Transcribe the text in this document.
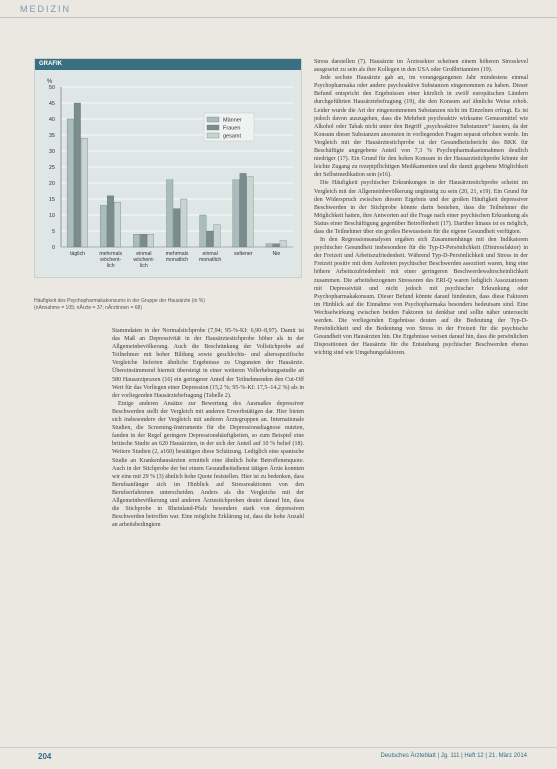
MEDIZIN
GRAFIK
%
0
5
10
15
20
25
30
35
40
45
50
täglich	mehrmals
wöchent-
lich
einmal
wöchent-
lich
mehrmals
monatlich
einmal
monatlich
seltener	Nie
Männer
Frauen
gesamt
Häufigkeit des Psychopharmakakonsums in der Gruppe der Hausärzte (in %)
(nAnnahme = 105; nÄrzte = 37; nÄrztinnen = 68)

Stammdaten in der Normalstichprobe (7,94; 95-%-KI: 6,90–8,97). Damit ist das Maß an Depressivität in der Hausärztestichprobe höher als in der Allgemeinbevölkerung. Auch die Beschränkung der Vollstichprobe auf Teilnehmer mit hoher Bildung sowie geschlechts- und altersspezifische Vergleiche lieferten ähnliche Ergebnisse zu Ungunsten der Hausärzte. Übereinstimmend hiermit übersteigt in einer weiteren Vollerhebungsstudie an 580 Hausarztpraxen (16) ein geringerer Anteil der Teilnehmenden den Cut-Off Wert für das Vorliegen einer Depression (15,2 %; 95-%-KI: 17,5–14,2 %) als in der vorliegenden Hausärztebefragung (Tabelle 2).

Einige anderen Ansätze zur Bewertung des Ausmaßes depressiver Beschwerden stellt der Vergleich mit anderen Erwerbstätigen dar. Hier bieten sich insbesondere der Vergleich mit anderen Ärztegruppen an. Internationale Studien, die Screening-Instrumente für die Depressionsdiagnose nutzten, fanden in der Regel geringere Depressionshäufigkeiten, so zum Beispiel eine britische Studie an 620 Hausärzten, in der sich der Anteil auf 10 % belief (18). Weitere Studien (2, a160) bestätigen diese Schätzung. Lediglich eine spanische Studie an Krankenhausärzten ermittelt eine ähnlich hohe Betroffenenquote. Auch in der Stichprobe der bei einem Gesundheitsdienst tätigen Ärzte konnten wir eine mit 29 % (3) ähnlich hohe Quote feststellen. Hier ist zu bedenken, dass Berufsanfänger sich im Hinblick auf Stressreaktionen von den Berufserfahrenen unterscheiden. Anders als die Vergleiche mit der Allgemeinbevölkerung und anderen Ärztestichproben deutet darauf hin, dass die Stichprobe in Rheinland-Pfalz besonders stark von depressiven Beschwerden betroffen war. Eine mögliche Erklärung ist, dass die hohe Anzahl an arbeitsbedingtem

Stress darstellen (7). Hausärzte im Ärztesektor scheinen einem höheren Stresslevel ausgesetzt zu sein als ihre Kollegen in den USA oder Großbritannien (19).

Jede sechste Hausärzte gab an, im vorangegangenen Jahr mindestens einmal Psychopharmaka oder andere psychoaktive Substanzen eingenommen zu haben. Dieser Befund entspricht den Ergebnissen einer kürzlich in zwölf europäischen Ländern durchgeführten Hausärztebefragung (19), die den Konsum auf ähnliche Weise erhob. Leider wurde die Art der eingenommenen Substanzen nicht im Einzelnen erfragt. Es ist jedoch davon auszugehen, dass die Mehrheit psychoaktiv wirksame Genussmittel wie Alkohol oder Tabak nicht unter den Begriff „psychoaktive Substanzen“ fassten, da der Konsum dieser Substanzen ansonsten in vorliegenden Fragen separat erhoben wurde. Im Vergleich mit der Hausärztestichprobe ist der Gesundheitsbericht des BKK für Beschäftigte angegebene Anteil von 7,3 % Psychopharmakaeinnahmen deutlich niedriger (17). Ein Grund für den hohen Konsum in der Hausarztstichprobe könnte der leichte Zugang zu rezeptpflichtigen Medikamenten und die damit gegebene Möglichkeit der Selbstmedikation sein (e16).

Die Häufigkeit psychischer Erkrankungen in der Hausärztestichprobe scheint im Vergleich mit der Allgemeinbevölkerung ungünstig zu sein (20, 21, e19). Ein Grund für den Widerspruch zwischen diesem Ergebnis und der großen Häufigkeit depressiver Beschwerden in der Stichprobe könnte darin bestehen, dass die Teilnehmer die Möglichkeit hatten, ihre Antworten auf die Frage nach einer psychischen Erkrankung als Status einer Beschäftigung gegenüber Betroffenheit (17). Darüber hinaus ist es möglich, dass die Teilnehmer über ein großes Bewusstsein für die eigene Gesundheit verfügten.

In den Regressionsanalysen ergaben sich Zusammenhänge mit den Indikatoren psychischer Gesundheit insbesondere für die Typ-D-Persönlichkeit (Distressfaktor) in der Freizeit und Arbeitszufriedenheit. Während Typ-D-Persönlichkeit und Stress in der Freizeit positiv mit dem Auftreten psychischer Beschwerden assoziiert waren, hing eine höhere Arbeitszufriedenheit mit einer geringeren Beschwerdewahrscheinlichkeit zusammen. Die arbeitsbezogenen Stressoren des ERI-Q waren lediglich Assoziationen mit Depressivität und nicht jedoch mit psychischer Erkrankung oder Psychopharmakakonsum. Dieser Befund könnte darauf hindeuten, dass diese Faktoren im Hinblick auf die Einnahme von Psychopharmaka besonders bedeutsam sind. Eine Wechselwirkung zwischen beiden Faktoren ist denkbar und sollte näher untersucht werden. Die vorliegenden Ergebnisse deuten auf die Bedeutung der Typ-D-Persönlichkeit und die Bedeutung von Stress in der Freizeit für die psychische Gesundheit von Hausärzten hin. Die Ergebnisse weisen darauf hin, dass die persönlichen Dispositionen der Hausärzte für die Entstehung psychischer Beschwerden ebenso wichtig sind wie Umgebungsfaktoren.

204	Deutsches Ärzteblatt | Jg. 111 | Heft 12 | 21. März 2014
